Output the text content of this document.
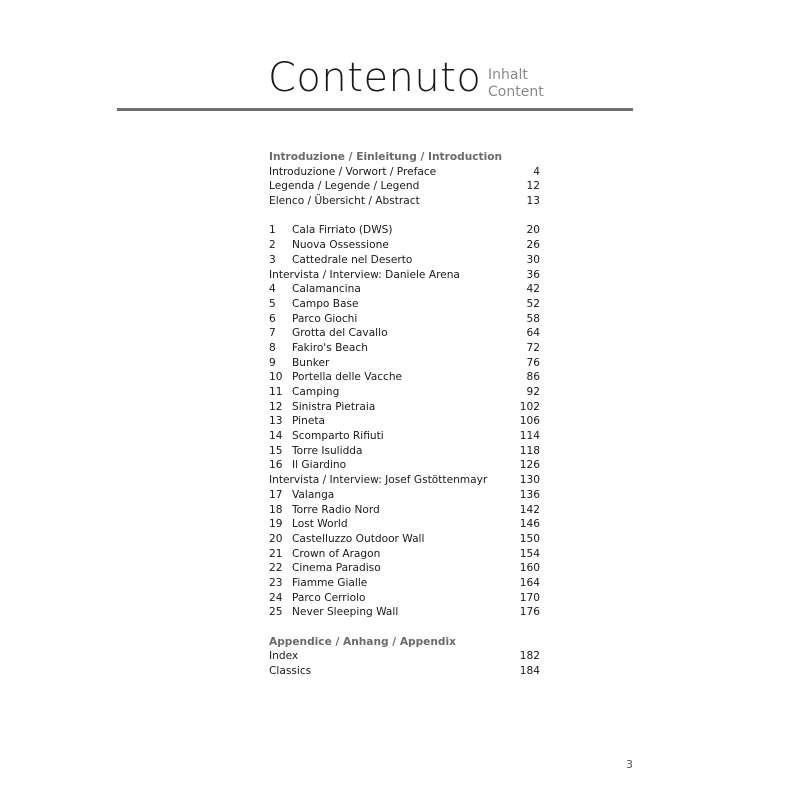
Contenuto Inhalt
Content
Introduzione / Einleitung / Introduction
Introduzione / Vorwort / Preface	4
Legenda / Legende / Legend	12
Elenco / Übersicht / Abstract	13
1 Cala Firriato (DWS)	20
2 Nuova Ossessione	26
3 Cattedrale nel Deserto	30
Intervista / Interview: Daniele Arena	36
4 Calamancina	42
5 Campo Base	52
6 Parco Giochi	58
7 Grotta del Cavallo	64
8 Fakiro's Beach	72
9 Bunker	76
10 Portella delle Vacche	86
11 Camping	92
12 Sinistra Pietraia	102
13 Pineta	106
14 Scomparto Rifiuti	114
15 Torre Isulidda	118
16 Il Giardino	126
Intervista / Interview: Josef Gstöttenmayr	130
17 Valanga	136
18 Torre Radio Nord	142
19 Lost World	146
20 Castelluzzo Outdoor Wall	150
21 Crown of Aragon	154
22 Cinema Paradiso	160
23 Fiamme Gialle	164
24 Parco Cerriolo	170
25 Never Sleeping Wall	176
Appendice / Anhang / Appendix
Index	182
Classics	184
3
